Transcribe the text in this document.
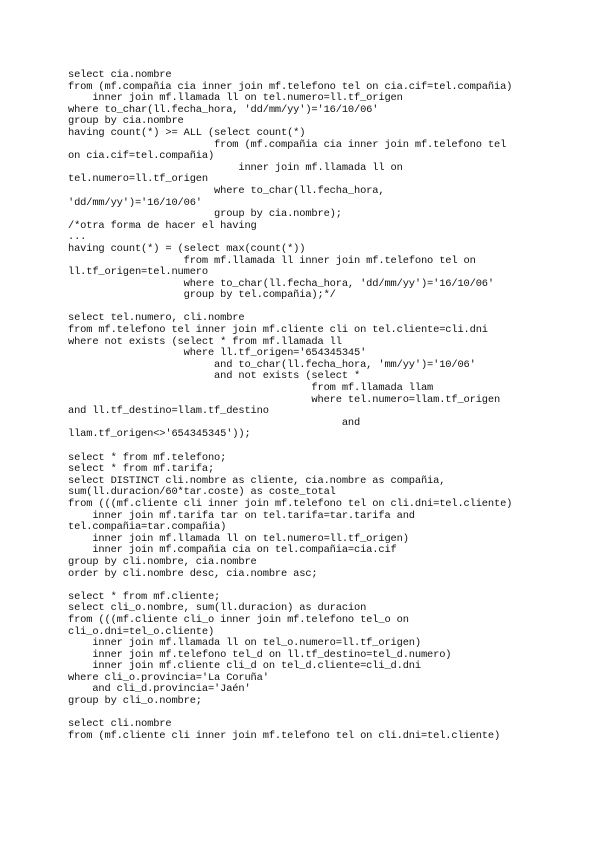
select cia.nombre
from (mf.compañia cia inner join mf.telefono tel on cia.cif=tel.compañia)
inner join mf.llamada ll on tel.numero=ll.tf_origen
where to_char(ll.fecha_hora, 'dd/mm/yy')='16/10/06'
group by cia.nombre
having count(*) >= ALL (select count(*)
from (mf.compañia cia inner join mf.telefono tel
on cia.cif=tel.compañia)
inner join mf.llamada ll on
tel.numero=ll.tf_origen
where to_char(ll.fecha_hora,
'dd/mm/yy')='16/10/06'
group by cia.nombre);
/*otra forma de hacer el having
...
having count(*) = (select max(count(*))
from mf.llamada ll inner join mf.telefono tel on
ll.tf_origen=tel.numero
where to_char(ll.fecha_hora, 'dd/mm/yy')='16/10/06'
group by tel.compañia);*/
select tel.numero, cli.nombre
from mf.telefono tel inner join mf.cliente cli on tel.cliente=cli.dni
where not exists (select * from mf.llamada ll
where ll.tf_origen='654345345'
and to_char(ll.fecha_hora, 'mm/yy')='10/06'
and not exists (select *
from mf.llamada llam
where tel.numero=llam.tf_origen
and ll.tf_destino=llam.tf_destino
and
llam.tf_origen<>'654345345'));
select * from mf.telefono;
select * from mf.tarifa;
select DISTINCT cli.nombre as cliente, cia.nombre as compañia,
sum(ll.duracion/60*tar.coste) as coste_total
from (((mf.cliente cli inner join mf.telefono tel on cli.dni=tel.cliente)
inner join mf.tarifa tar on tel.tarifa=tar.tarifa and
tel.compañia=tar.compañia)
inner join mf.llamada ll on tel.numero=ll.tf_origen)
inner join mf.compañia cia on tel.compañia=cia.cif
group by cli.nombre, cia.nombre
order by cli.nombre desc, cia.nombre asc;
select * from mf.cliente;
select cli_o.nombre, sum(ll.duracion) as duracion
from (((mf.cliente cli_o inner join mf.telefono tel_o on
cli_o.dni=tel_o.cliente)
inner join mf.llamada ll on tel_o.numero=ll.tf_origen)
inner join mf.telefono tel_d on ll.tf_destino=tel_d.numero)
inner join mf.cliente cli_d on tel_d.cliente=cli_d.dni
where cli_o.provincia='La Coruña'
and cli_d.provincia='Jaén'
group by cli_o.nombre;
select cli.nombre
from (mf.cliente cli inner join mf.telefono tel on cli.dni=tel.cliente)
